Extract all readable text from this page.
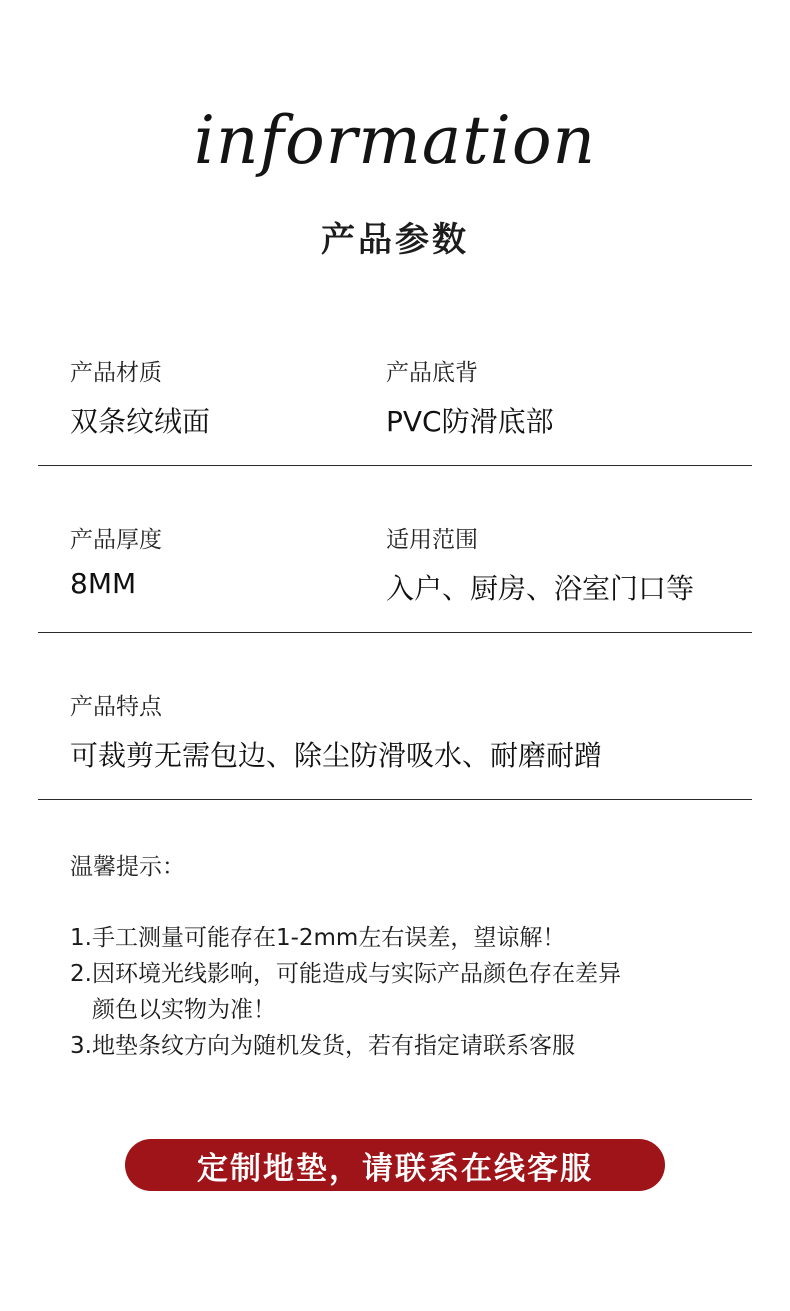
information
产品参数
产品材质
双条纹绒面
产品底背
PVC防滑底部
产品厚度
8MM
适用范围
入户、厨房、浴室门口等
产品特点
可裁剪无需包边、除尘防滑吸水、耐磨耐蹭
温馨提示：
1.手工测量可能存在1-2mm左右误差，望谅解！
2.因环境光线影响，可能造成与实际产品颜色存在差异
颜色以实物为准！
3.地垫条纹方向为随机发货，若有指定请联系客服
定制地垫，请联系在线客服
